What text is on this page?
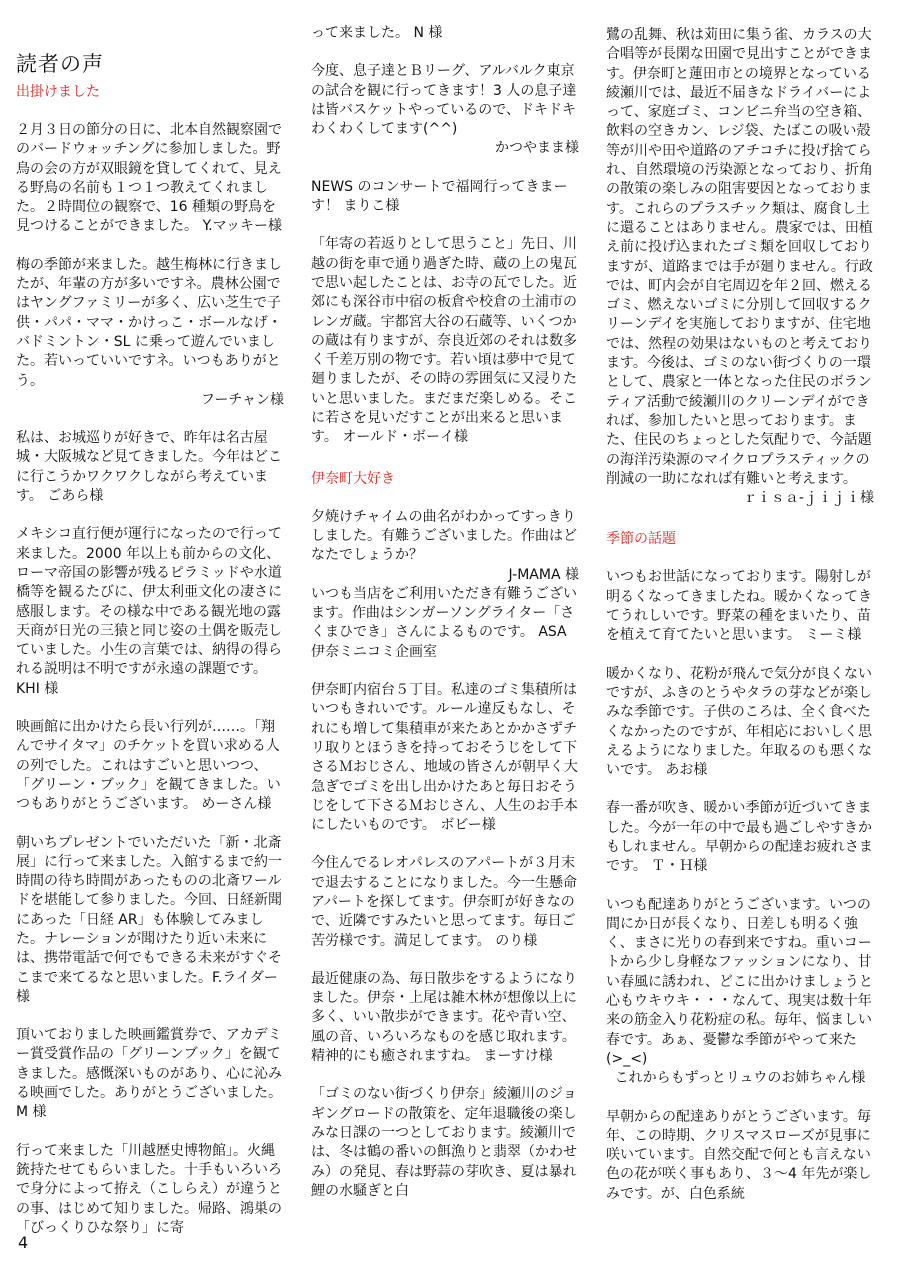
読者の声
出掛けました

２月３日の節分の日に、北本自然観察園でのバードウォッチングに参加しました。野鳥の会の方が双眼鏡を貸してくれて、見える野鳥の名前も１つ１つ教えてくれました。２時間位の観察で、16 種類の野鳥を見つけることができました。 Y.マッキー様

梅の季節が来ました。越生梅林に行きましたが、年輩の方が多いですネ。農林公園ではヤングファミリーが多く、広い芝生で子供・パパ・ママ・かけっこ・ボールなげ・バドミントン・SL に乗って遊んでいました。若いっていいですネ。いつもありがとう。

フーチャン様

私は、お城巡りが好きで、昨年は名古屋城・大阪城など見てきました。今年はどこに行こうかワクワクしながら考えています。 ごあら様

メキシコ直行便が運行になったので行って来ました。2000 年以上も前からの文化、ローマ帝国の影響が残るピラミッドや水道橋等を観るたびに、伊太利亜文化の凄さに感服します。その様な中である観光地の露天商が日光の三猿と同じ姿の土偶を販売していました。小生の言葉では、納得の得られる説明は不明ですが永遠の課題です。KHI 様

映画館に出かけたら長い行列が……。「翔んでサイタマ」のチケットを買い求める人の列でした。これはすごいと思いつつ、「グリーン・ブック」を観てきました。いつもありがとうございます。 めーさん様

朝いちプレゼントでいただいた「新・北斎展」に行って来ました。入館するまで約一時間の待ち時間があったものの北斎ワールドを堪能して参りました。今回、日経新聞にあった「日経 AR」も体験してみました。ナレーションが聞けたり近い未来には、携帯電話で何でもできる未来がすぐそこまで来てるなと思いました。F.ライダー様

頂いておりました映画鑑賞券で、アカデミー賞受賞作品の「グリーンブック」を観てきました。感慨深いものがあり、心に沁みる映画でした。ありがとうございました。 M 様

行って来ました「川越歴史博物館」。火縄銃持たせてもらいました。十手もいろいろで身分によって拵え（こしらえ）が違うとの事、はじめて知りました。帰路、鴻巣の「びっくりひな祭り」に寄

って来ました。 N 様

今度、息子達とＢリーグ、アルバルク東京の試合を観に行ってきます！3 人の息子達は皆バスケットやっているので、ドキドキわくわくしてます(^^)

かつやまま様

NEWS のコンサートで福岡行ってきまーす！ まりこ様

「年寄の若返りとして思うこと」先日、川越の街を車で通り過ぎた時、蔵の上の鬼瓦で思い起したことは、お寺の瓦でした。近郊にも深谷市中宿の板倉や校倉の土浦市のレンガ蔵。宇都宮大谷の石蔵等、いくつかの蔵は有りますが、奈良近郊のそれは数多く千差万別の物です。若い頃は夢中で見て廻りましたが、その時の雰囲気に又浸りたいと思いました。まだまだ楽しめる。そこに若さを見いだすことが出来ると思います。 オールド・ボーイ様

伊奈町大好き

夕焼けチャイムの曲名がわかってすっきりしました。有難うございました。作曲はどなたでしょうか？

J-MAMA 様

いつも当店をご利用いただき有難うございます。作曲はシンガーソングライター「さくまひでき」さんによるものです。 ASA 伊奈ミニコミ企画室

伊奈町内宿台５丁目。私達のゴミ集積所はいつもきれいです。ルール違反もなし、それにも増して集積車が来たあとかかさずチリ取りとほうきを持っておそうじをして下さるＭおじさん、地域の皆さんが朝早く大急ぎでゴミを出し出かけたあと毎日おそうじをして下さるＭおじさん、人生のお手本にしたいものです。 ボビー様

今住んでるレオパレスのアパートが３月末で退去することになりました。今一生懸命アパートを探してます。伊奈町が好きなので、近隣ですみたいと思ってます。毎日ご苦労様です。満足してます。 のり様

最近健康の為、毎日散歩をするようになりました。伊奈・上尾は雑木林が想像以上に多く、いい散歩ができます。花や青い空、風の音、いろいろなものを感じ取れます。精神的にも癒されますね。 まーすけ様

「ゴミのない街づくり伊奈」綾瀬川のジョギングロードの散策を、定年退職後の楽しみな日課の一つとしております。綾瀬川では、冬は鶴の番いの餌漁りと翡翠（かわせみ）の発見、春は野蒜の芽吹き、夏は暴れ鯉の水騒ぎと白

鷺の乱舞、秋は苅田に集う雀、カラスの大合唱等が長閑な田園で見出すことができます。伊奈町と蓮田市との境界となっている綾瀬川では、最近不届きなドライバーによって、家庭ゴミ、コンビニ弁当の空き箱、飲料の空きカン、レジ袋、たばこの吸い殻等が川や田や道路のアチコチに投げ捨てられ、自然環境の汚染源となっており、折角の散策の楽しみの阻害要因となっております。これらのプラスチック類は、腐食し土に還ることはありません。農家では、田植え前に投げ込まれたゴミ類を回収しておりますが、道路までは手が廻りません。行政では、町内会が自宅周辺を年２回、燃えるゴミ、燃えないゴミに分別して回収するクリーンデイを実施しておりますが、住宅地では、然程の効果はないものと考えております。今後は、ゴミのない街づくりの一環として、農家と一体となった住民のボランティア活動で綾瀬川のクリーンデイができれば、参加したいと思っております。また、住民のちょっとした気配りで、今話題の海洋汚染源のマイクロプラスティックの削減の一助になれば有難いと考えます。

ｒｉｓａ-ｊｉｊｉ様

季節の話題

いつもお世話になっております。陽射しが明るくなってきましたね。暖かくなってきてうれしいです。野菜の種をまいたり、苗を植えて育てたいと思います。 ミーミ様

暖かくなり、花粉が飛んで気分が良くないですが、ふきのとうやタラの芽などが楽しみな季節です。子供のころは、全く食べたくなかったのですが、年相応においしく思えるようになりました。年取るのも悪くないです。 あお様

春一番が吹き、暖かい季節が近づいてきました。今が一年の中で最も過ごしやすきかもしれません。早朝からの配達お疲れさまです。 Ｔ・Ｈ様

いつも配達ありがとうございます。いつの間にか日が長くなり、日差しも明るく強く、まさに光りの春到来ですね。重いコートから少し身軽なファッションになり、甘い春風に誘われ、どこに出かけましょうと心もウキウキ・・・なんて、現実は数十年来の筋金入り花粉症の私。毎年、悩ましい春です。あぁ、憂鬱な季節がやって来た(>_<)

これからもずっとリュウのお姉ちゃん様

早朝からの配達ありがとうございます。毎年、この時期、クリスマスローズが見事に咲いています。自然交配で何とも言えない色の花が咲く事もあり、３〜4 年先が楽しみです。が、白色系統

4
